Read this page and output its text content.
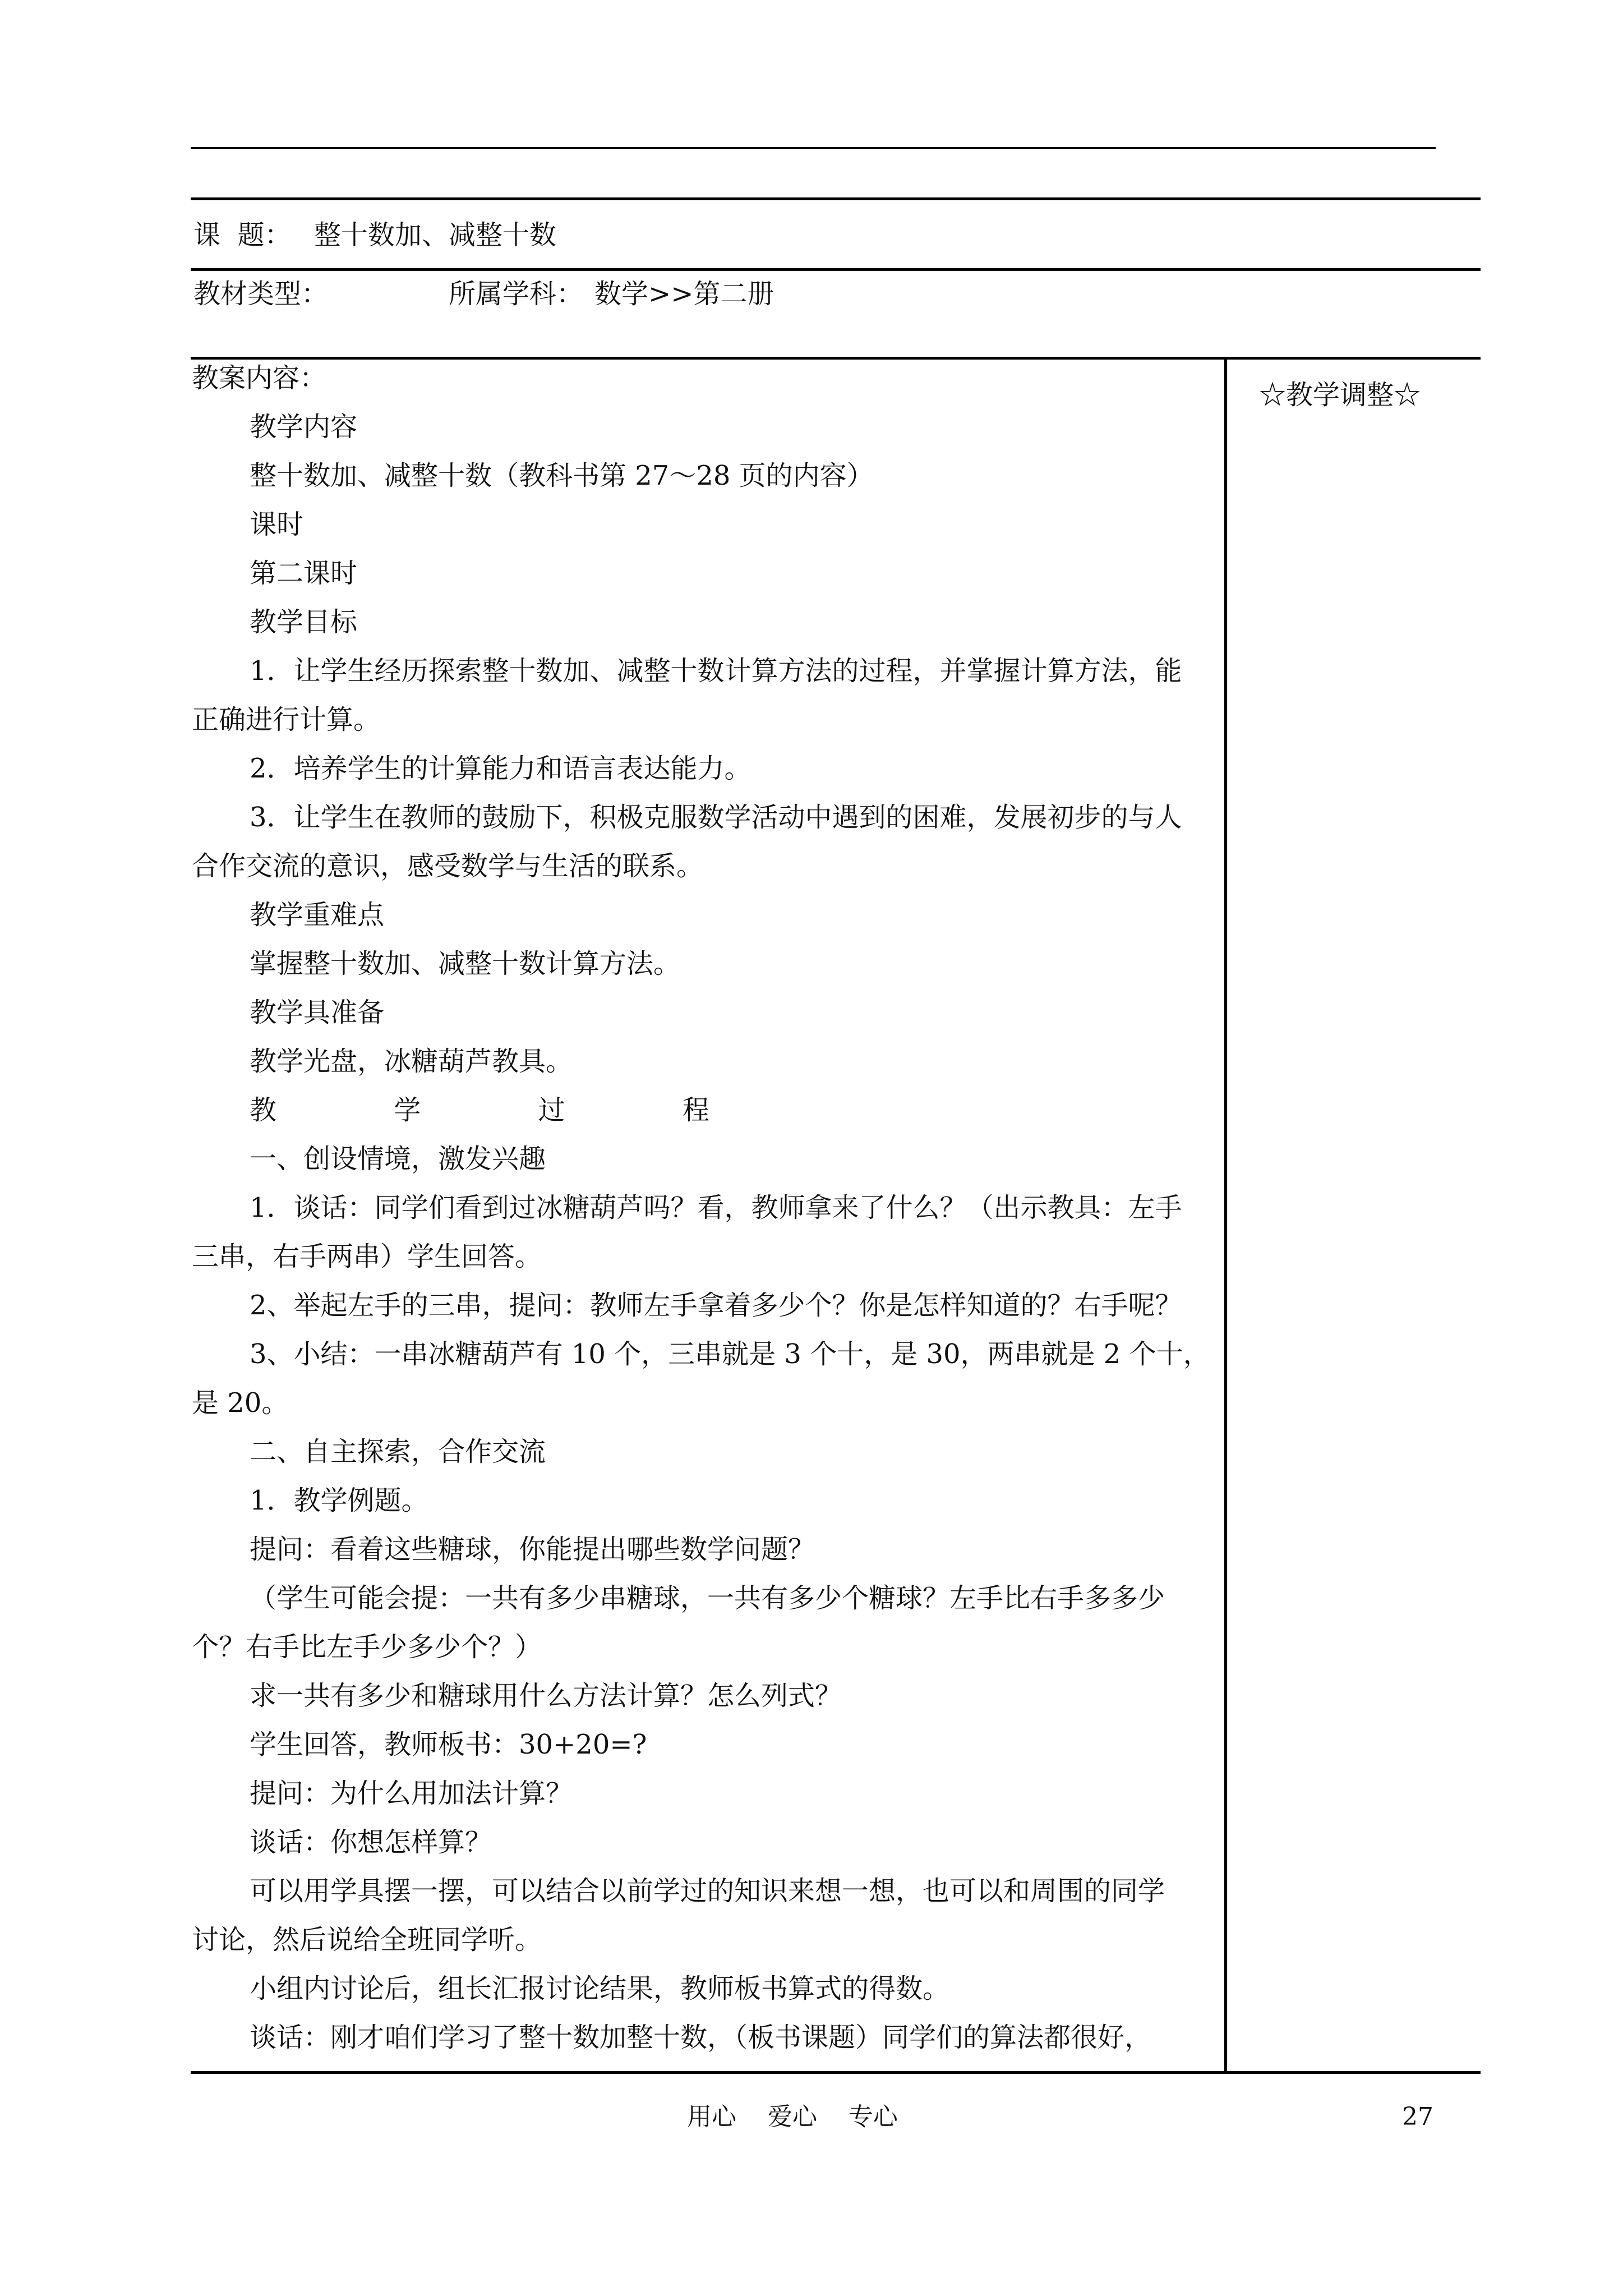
课  题： 整十数加、减整十数
教材类型：	所属学科： 数学>>第二册
☆教学调整☆
教案内容：
教学内容
整十数加、减整十数（教科书第 27～28 页的内容）
课时
第二课时
教学目标
1．让学生经历探索整十数加、减整十数计算方法的过程，并掌握计算方法，能
正确进行计算。
2．培养学生的计算能力和语言表达能力。
3．让学生在教师的鼓励下，积极克服数学活动中遇到的困难，发展初步的与人
合作交流的意识，感受数学与生活的联系。
教学重难点
掌握整十数加、减整十数计算方法。
教学具准备
教学光盘，冰糖葫芦教具。
教	学	过	程
一、创设情境，激发兴趣
1．谈话：同学们看到过冰糖葫芦吗？看，教师拿来了什么？（出示教具：左手
三串，右手两串）学生回答。
2、举起左手的三串，提问：教师左手拿着多少个？你是怎样知道的？右手呢？
3、小结：一串冰糖葫芦有 10 个，三串就是 3 个十，是 30，两串就是 2 个十，
是 20。
二、自主探索，合作交流
1．教学例题。
提问：看着这些糖球，你能提出哪些数学问题？
（学生可能会提：一共有多少串糖球，一共有多少个糖球？左手比右手多多少
个？右手比左手少多少个？）
求一共有多少和糖球用什么方法计算？怎么列式？
学生回答，教师板书：30+20=?
提问：为什么用加法计算？
谈话：你想怎样算？
可以用学具摆一摆，可以结合以前学过的知识来想一想，也可以和周围的同学
讨论，然后说给全班同学听。
小组内讨论后，组长汇报讨论结果，教师板书算式的得数。
谈话：刚才咱们学习了整十数加整十数，（板书课题）同学们的算法都很好，
用心    爱心    专心	27
